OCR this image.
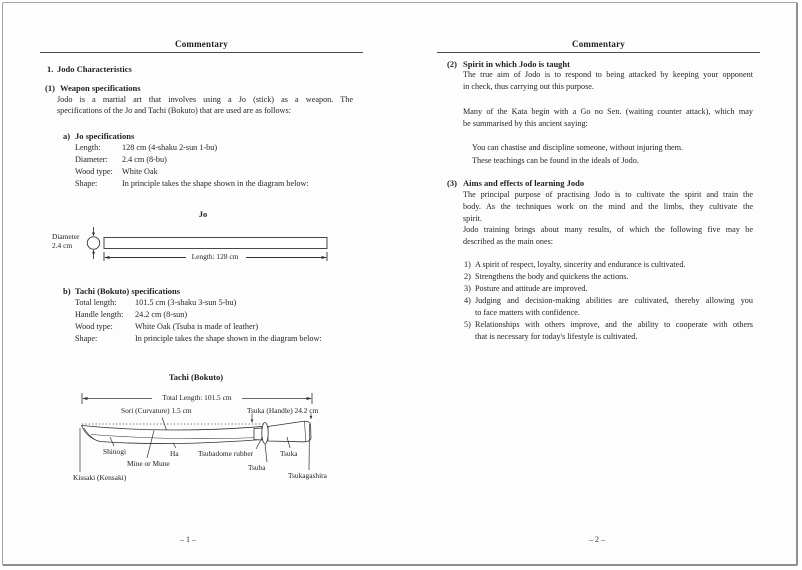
Commentary
1. Jodo Characteristics
(1) Weapon specifications
Jodo is a martial art that involves using a Jo (stick) as a weapon. The
specifications of the Jo and Tachi (Bokuto) that are used are as follows:
a) Jo specifications
Length:	128 cm (4-shaku 2-sun 1-bu)
Diameter:	2.4 cm (8-bu)
Wood type:	White Oak
Shape:	In principle takes the shape shown in the diagram below:
Jo
Diameter
2.4 cm
Length: 128 cm
b) Tachi (Bokuto) specifications
Total length:	101.5 cm (3-shaku 3-sun 5-bu)
Handle length:	24.2 cm (8-sun)
Wood type:	White Oak (Tsuba is made of leather)
Shape:	In principle takes the shape shown in the diagram below:
Tachi (Bokuto)
Total Length: 101.5 cm
Sori (Curvature) 1.5 cm	Tsuka (Handle) 24.2 cm
Shinogi
Mine or Mune
Ha	Tsubadome rubber
Tsuba
Tsuka
Tsukagashira
Kissaki (Kensaki)
– 1 –
Commentary
(2) Spirit in which Jodo is taught
The true aim of Jodo is to respond to being attacked by keeping your opponent
in check, thus carrying out this purpose.
Many of the Kata begin with a Go no Sen. (waiting counter attack), which may
be summarised by this ancient saying:
You can chastise and discipline someone, without injuring them.
These teachings can be found in the ideals of Jodo.
(3) Aims and effects of learning Jodo
The principal purpose of practising Jodo is to cultivate the spirit and train the
body. As the techniques work on the mind and the limbs, they cultivate the
spirit.
Jodo training brings about many results, of which the following five may be
described as the main ones:
1) A spirit of respect, loyalty, sincerity and endurance is cultivated.
2) Strengthens the body and quickens the actions.
3) Posture and attitude are improved.
4) Judging and decision-making abilities are cultivated, thereby allowing you
to face matters with confidence.
5) Relationships with others improve, and the ability to cooperate with others
that is necessary for today's lifestyle is cultivated.
– 2 –
